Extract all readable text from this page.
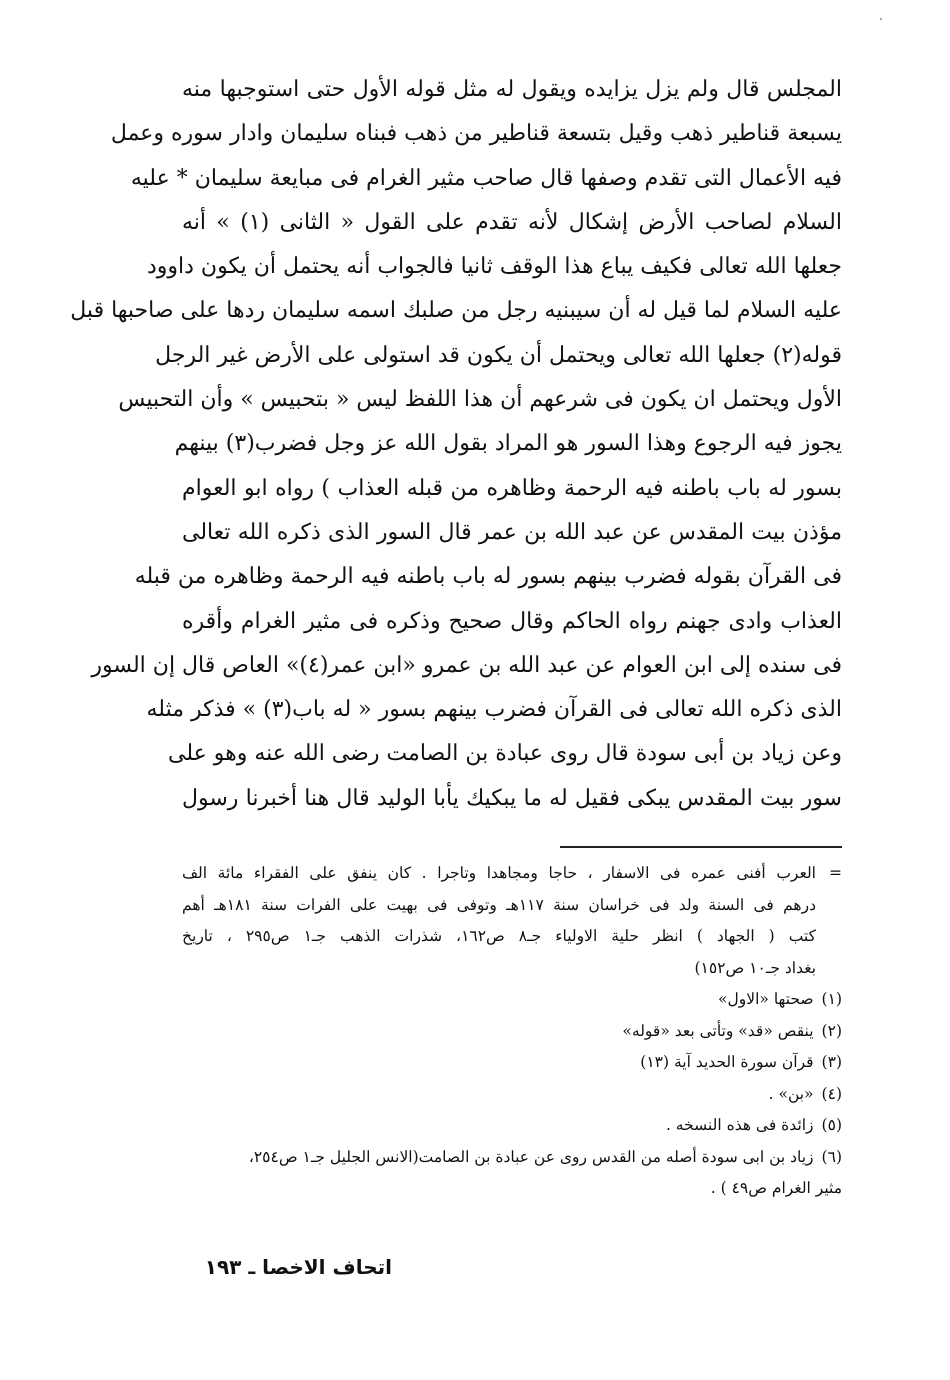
المجلس قال ولم يزل يزايده ويقول له مثل قوله الأول حتى استوجبها منه
يسبعة قناطير ذهب وقيل بتسعة قناطير من ذهب فبناه سليمان وادار سوره وعمل
فيه الأعمال التى تقدم وصفها قال صاحب مثير الغرام فى مبايعة سليمان * عليه
السلام لصاحب الأرض إشكال لأنه تقدم على القول « الثانى (١) » أنه
جعلها الله تعالى فكيف يباع هذا الوقف ثانيا فالجواب أنه يحتمل أن يكون داوود
عليه السلام لما قيل له أن سيبنيه رجل من صلبك اسمه سليمان ردها على صاحبها قبل
قوله(٢) جعلها الله تعالى ويحتمل أن يكون قد استولى على الأرض غير الرجل
الأول ويحتمل ان يكون فى شرعهم أن هذا اللفظ ليس « بتحبيس » وأن التحبيس
يجوز فيه الرجوع وهذا السور هو المراد بقول الله عز وجل فضرب(٣) بينهم
بسور له باب باطنه فيه الرحمة وظاهره من قبله العذاب ) رواه ابو العوام
مؤذن بيت المقدس عن عبد الله بن عمر قال السور الذى ذكره الله تعالى
فى القرآن بقوله فضرب بينهم بسور له باب باطنه فيه الرحمة وظاهره من قبله
العذاب وادى جهنم رواه الحاكم وقال صحيح وذكره فى مثير الغرام وأقره
فى سنده إلى ابن العوام عن عبد الله بن عمرو «ابن عمر(٤)» العاص قال إن السور
الذى ذكره الله تعالى فى القرآن فضرب بينهم بسور « له باب(٣) » فذكر مثله
وعن زياد بن أبى سودة قال روى عبادة بن الصامت رضى الله عنه وهو على
سور بيت المقدس يبكى فقيل له ما يبكيك يأبا الوليد قال هنا أخبرنا رسول
=
العرب أفنى عمره فى الاسفار ، حاجا ومجاهدا وتاجرا . كان ينفق على الفقراء مائة الف
درهم فى السنة ولد فى خراسان سنة ١١٧هـ وتوفى فى بهيت على الفرات سنة ١٨١هـ أهم
كتب ( الجهاد ) انظر حلية الاولياء جـ٨ ص١٦٢، شذرات الذهب جـ١ ص٢٩٥ ، تاريخ
بغداد جـ١٠ ص١٥٢)
(١)
صحتها «الاول»
(٢)
ينقص «قد» وتأتى بعد «قوله»
(٣)
قرآن سورة الحديد آية (١٣)
(٤)
«بن» .
(٥)
زائدة فى هذه النسخه .
(٦)
زياد بن ابى سودة أصله من القدس روى عن عبادة بن الصامت(الانس الجليل جـ١ ص٢٥٤،
مثير الغرام ص٤٩ ) .
اتحاف الاخصا ـ ١٩٣
